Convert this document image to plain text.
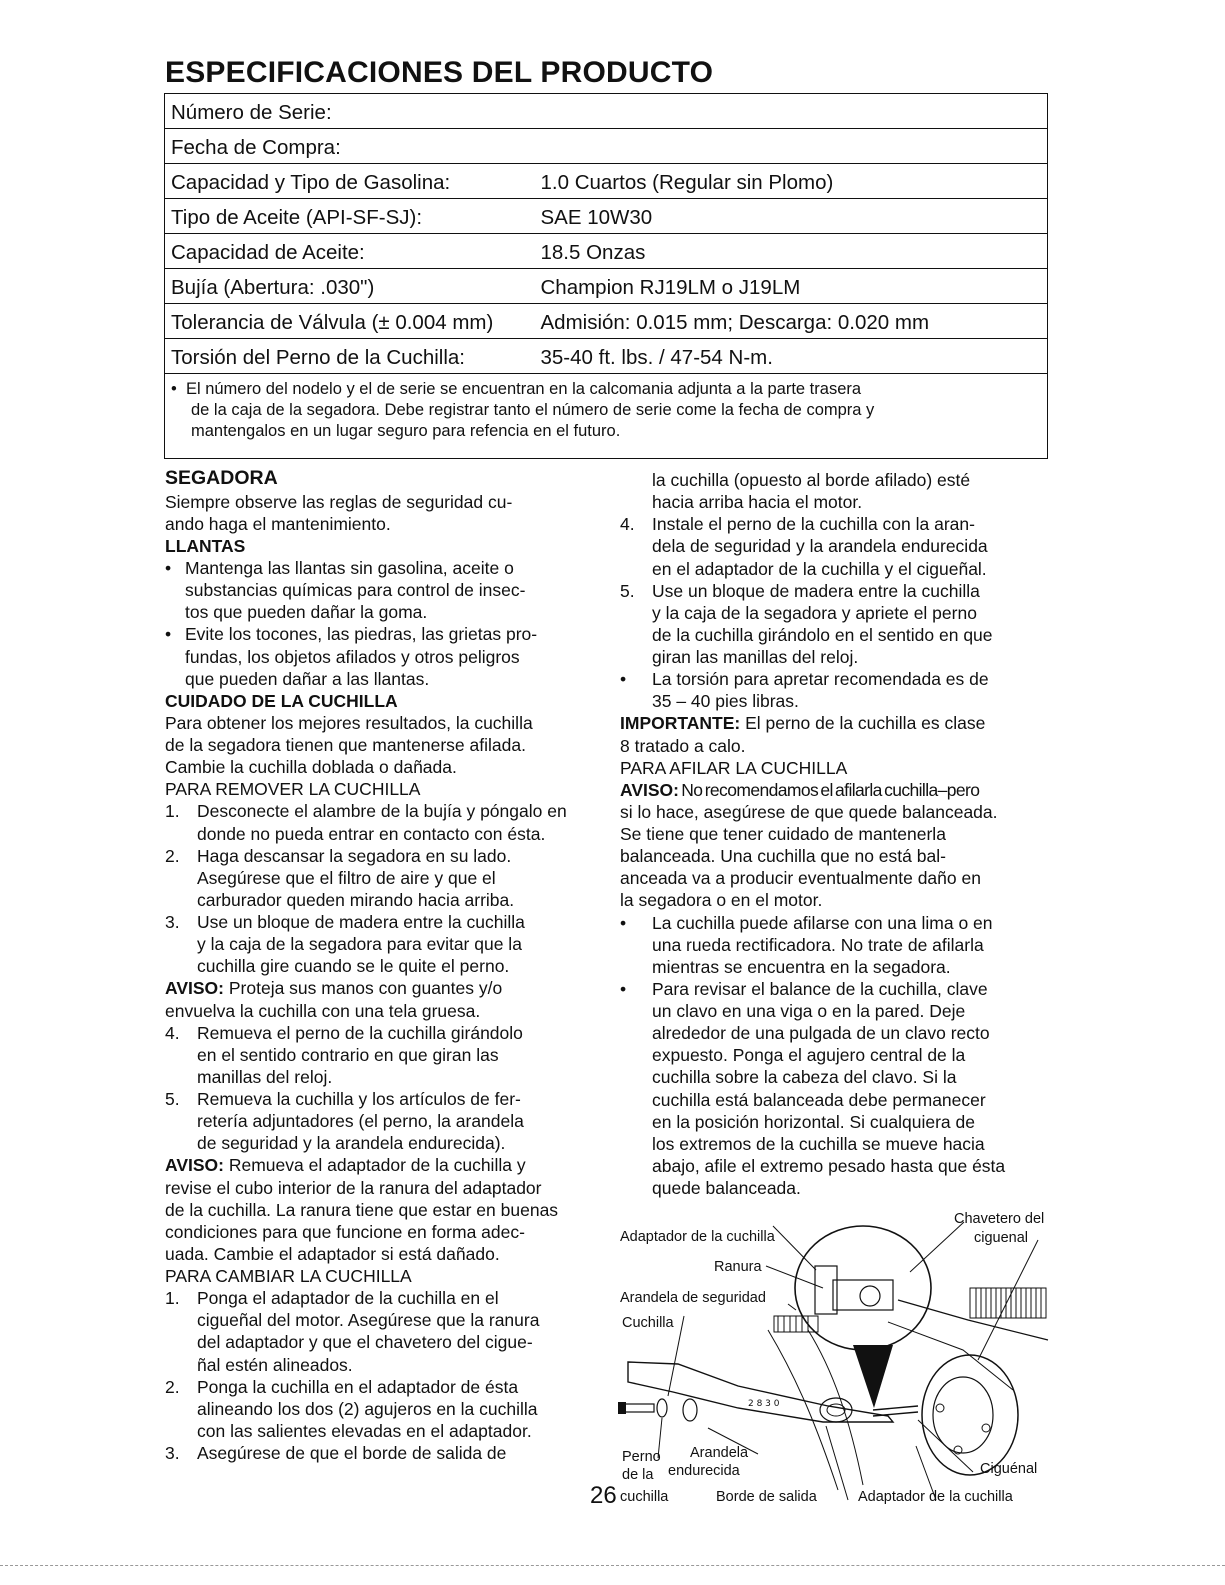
ESPECIFICACIONES DEL PRODUCTO
Número de Serie:	
Fecha de Compra:	
Capacidad y Tipo de Gasolina:	1.0 Cuartos (Regular sin Plomo)
Tipo de Aceite (API-SF-SJ):	SAE 10W30
Capacidad de Aceite:	18.5 Onzas
Bujía (Abertura: .030")	Champion RJ19LM o J19LM
Tolerancia de Válvula (± 0.004 mm)	Admisión: 0.015 mm; Descarga: 0.020 mm
Torsión del Perno de la Cuchilla:	35-40 ft. lbs. / 47-54 N-m.

•  El número del nodelo y el de serie se encuentran en la calcomania adjunta a la parte trasera
de la caja de la segadora. Debe registrar tanto el número de serie come la fecha de compra y
mantengalos en un lugar seguro para refencia en el futuro.	
SEGADORA
Siempre observe las reglas de seguridad cu-
ando haga el mantenimiento.
LLANTAS
• Mantenga las llantas sin gasolina, aceite o
substancias químicas para control de insec-
tos que pueden dañar la goma.
• Evite los tocones, las piedras, las grietas pro-
fundas, los objetos afilados y otros peligros
que pueden dañar a las llantas.
CUIDADO DE LA CUCHILLA
Para obtener los mejores resultados, la cuchilla
de la segadora tienen que mantenerse afilada.
Cambie la cuchilla doblada o dañada.
PARA REMOVER LA CUCHILLA
1. Desconecte el alambre de la bujía y póngalo en
donde no pueda entrar en contacto con ésta.
2. Haga descansar la segadora en su lado.
Asegúrese que el filtro de aire y que el
carburador queden mirando hacia arriba.
3. Use un bloque de madera entre la cuchilla
y la caja de la segadora para evitar que la
cuchilla gire cuando se le quite el perno.
AVISO: Proteja sus manos con guantes y/o
envuelva la cuchilla con una tela gruesa.
4. Remueva el perno de la cuchilla girándolo
en el sentido contrario en que giran las
manillas del reloj.
5. Remueva la cuchilla y los artículos de fer-
retería adjuntadores (el perno, la arandela
de seguridad y la arandela endurecida).
AVISO: Remueva el adaptador de la cuchilla y
revise el cubo interior de la ranura del adaptador
de la cuchilla. La ranura tiene que estar en buenas
condiciones para que funcione en forma adec-
uada. Cambie el adaptador si está dañado.
PARA CAMBIAR LA CUCHILLA
1. Ponga el adaptador de la cuchilla en el
cigueñal del motor. Asegúrese que la ranura
del adaptador y que el chavetero del cigue-
ñal estén alineados.
2. Ponga la cuchilla en el adaptador de ésta
alineando los dos (2) agujeros en la cuchilla
con las salientes elevadas en el adaptador.
3. Asegúrese de que el borde de salida de
la cuchilla (opuesto al borde afilado) esté
hacia arriba hacia el motor.
4. Instale el perno de la cuchilla con la aran-
dela de seguridad y la arandela endurecida
en el adaptador de la cuchilla y el cigueñal.
5. Use un bloque de madera entre la cuchilla
y la caja de la segadora y apriete el perno
de la cuchilla girándolo en el sentido en que
giran las manillas del reloj.
•	La torsión para apretar recomendada es de
35 – 40 pies libras.
IMPORTANTE: El perno de la cuchilla es clase
8 tratado a calo.
PARA AFILAR LA CUCHILLA
AVISO: No recomendamos el afilarla cuchilla–pero
si lo hace, asegúrese de que quede balanceada.
Se tiene que tener cuidado de mantenerla
balanceada. Una cuchilla que no está bal-
anceada va a producir eventualmente daño en
la segadora o en el motor.
•	La cuchilla puede afilarse con una lima o en
una rueda rectificadora. No trate de afilarla
mientras se encuentra en la segadora.
•	Para revisar el balance de la cuchilla, clave
un clavo en una viga o en la pared. Deje
alrededor de una pulgada de un clavo recto
expuesto. Ponga el agujero central de la
cuchilla sobre la cabeza del clavo. Si la
cuchilla está balanceada debe permanecer
en la posición horizontal. Si cualquiera de
los extremos de la cuchilla se mueve hacia
abajo, afile el extremo pesado hasta que ésta
quede balanceada.
2 8 3 0
Adaptador de la cuchilla
Chavetero del
ciguenal
Ranura
Arandela de seguridad
Cuchilla
Perno
de la
cuchilla
Arandela
endurecida	Ciguénal
Borde de salida	Adaptador de la cuchilla
26
